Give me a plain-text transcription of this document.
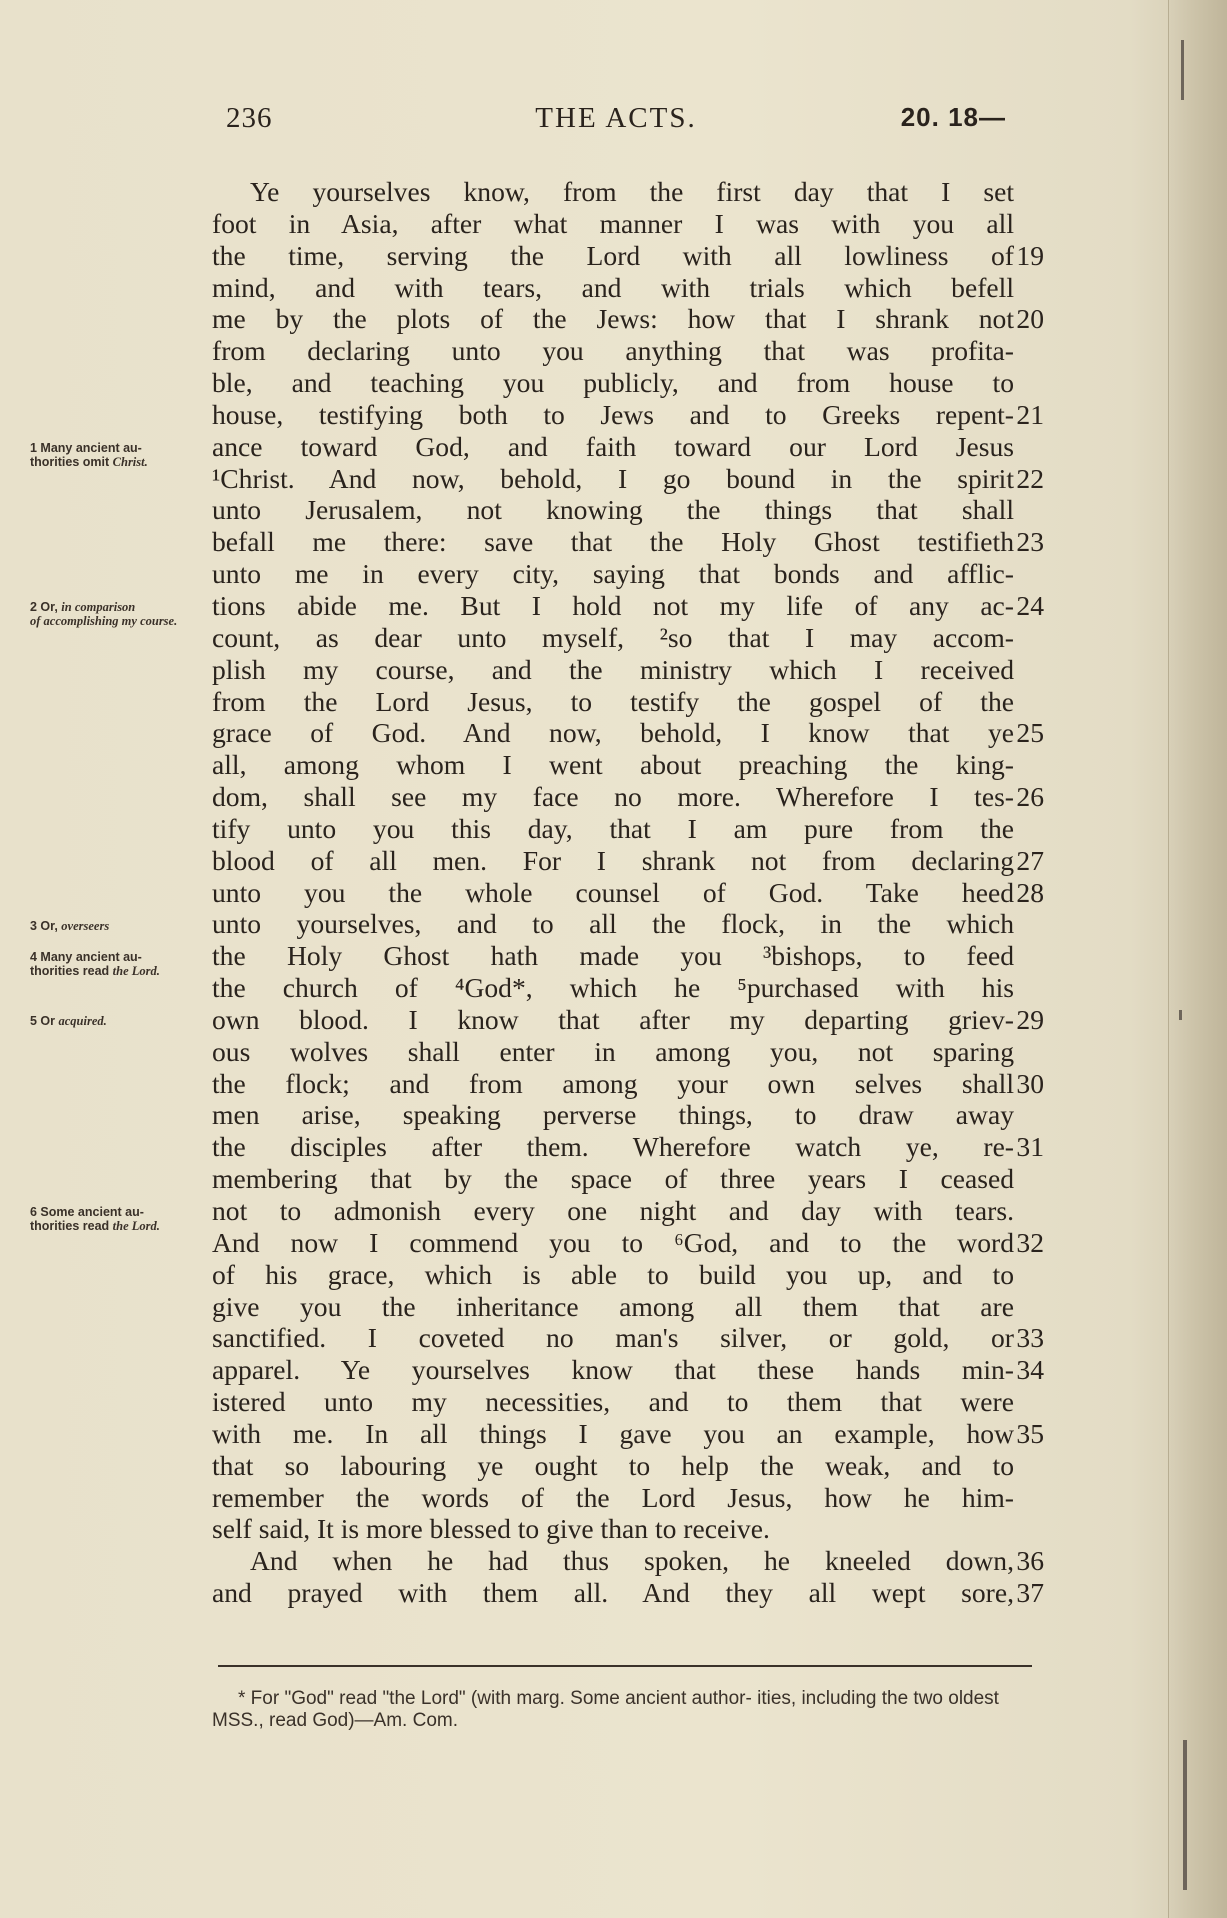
236	THE ACTS.	20. 18—
Ye yourselves know, from the first day that I set
foot in Asia, after what manner I was with you all
the time, serving the Lord with all lowliness of 19
mind, and with tears, and with trials which befell
me by the plots of the Jews: how that I shrank not 20
from declaring unto you anything that was profita-
ble, and teaching you publicly, and from house to
house, testifying both to Jews and to Greeks repent- 21
ance toward God, and faith toward our Lord Jesus
¹Christ. And now, behold, I go bound in the spirit 22
unto Jerusalem, not knowing the things that shall
befall me there: save that the Holy Ghost testifieth 23
unto me in every city, saying that bonds and afflic-
tions abide me. But I hold not my life of any ac- 24
count, as dear unto myself, ²so that I may accom-
plish my course, and the ministry which I received
from the Lord Jesus, to testify the gospel of the
grace of God. And now, behold, I know that ye 25
all, among whom I went about preaching the king-
dom, shall see my face no more. Wherefore I tes- 26
tify unto you this day, that I am pure from the
blood of all men. For I shrank not from declaring 27
unto you the whole counsel of God. Take heed 28
unto yourselves, and to all the flock, in the which
the Holy Ghost hath made you ³bishops, to feed
the church of ⁴God*, which he ⁵purchased with his
own blood. I know that after my departing griev- 29
ous wolves shall enter in among you, not sparing
the flock; and from among your own selves shall 30
men arise, speaking perverse things, to draw away
the disciples after them. Wherefore watch ye, re- 31
membering that by the space of three years I ceased
not to admonish every one night and day with tears.
And now I commend you to ⁶God, and to the word 32
of his grace, which is able to build you up, and to
give you the inheritance among all them that are
sanctified. I coveted no man's silver, or gold, or 33
apparel. Ye yourselves know that these hands min- 34
istered unto my necessities, and to them that were
with me. In all things I gave you an example, how 35
that so labouring ye ought to help the weak, and to
remember the words of the Lord Jesus, how he him-
self said, It is more blessed to give than to receive.
And when he had thus spoken, he kneeled down, 36
and prayed with them all. And they all wept sore, 37
1 Many ancient au-
thorities omit Christ.
2 Or, in comparison
of accomplishing my course.
3 Or, overseers
4 Many ancient au-
thorities read the Lord.
5 Or acquired.
6 Some ancient au-
thorities read the Lord.
* For "God" read "the Lord" (with marg. Some ancient author- ities, including the two oldest MSS., read God)—Am. Com.
